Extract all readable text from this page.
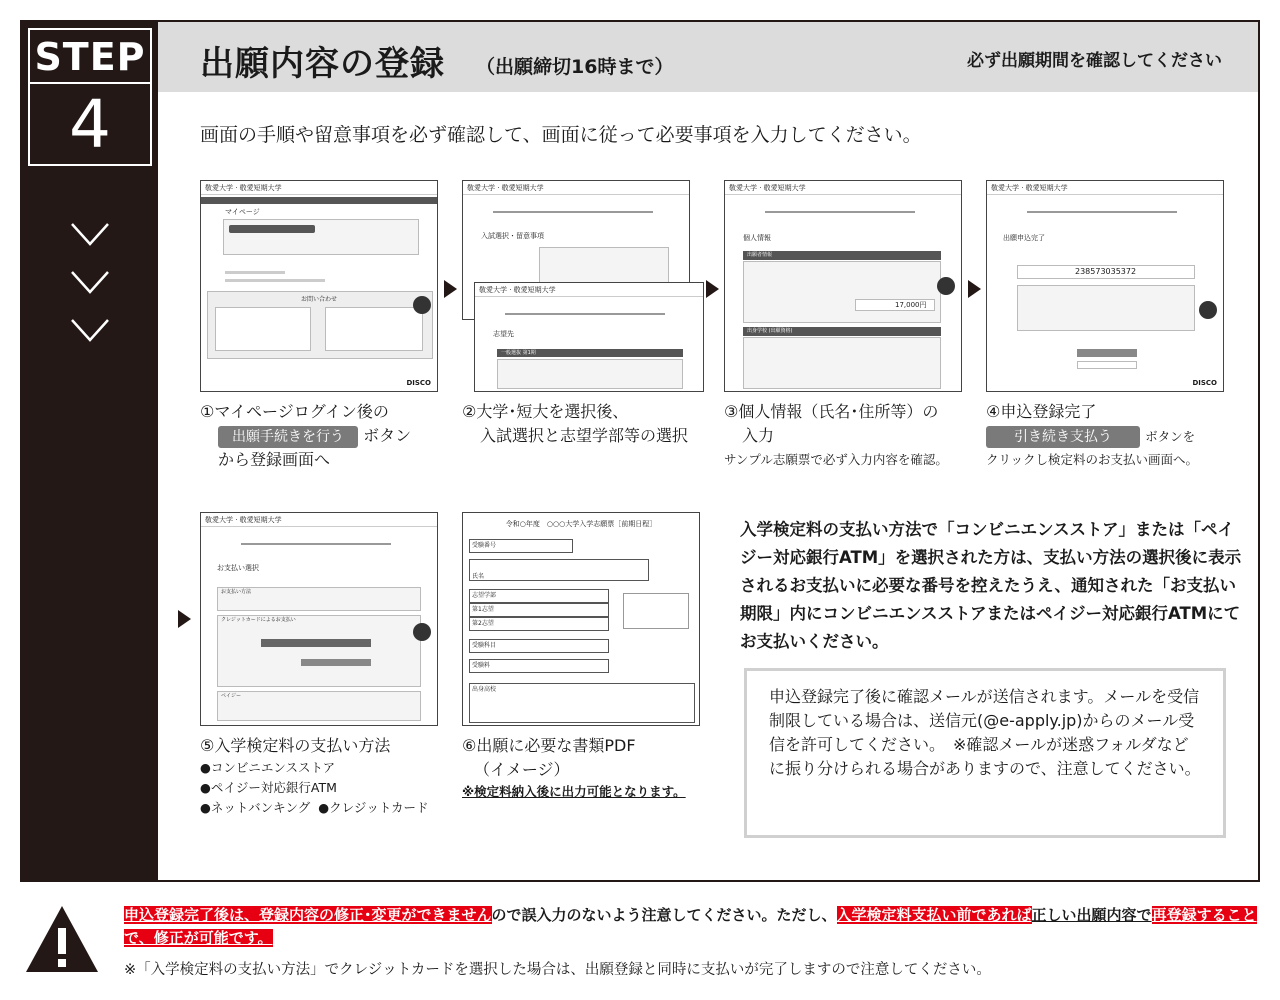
STEP
4
出願内容の登録 （出願締切16時まで）	必ず出願期間を確認してください
画面の手順や留意事項を必ず確認して、画面に従って必要事項を入力してください。
敬愛大学 · 敬愛短期大学
マイページ
お問い合わせ
DISCO
敬愛大学 · 敬愛短期大学
入試選択・留意事項
敬愛大学 · 敬愛短期大学
志望先
一般選抜 第1期
敬愛大学 · 敬愛短期大学
個人情報
出願者情報
17,000円
出身学校 (出願資格)
敬愛大学 · 敬愛短期大学
出願申込完了
238573035372
DISCO
①マイページログイン後の
出願手続きを行う ボタン
から登録画面へ
②大学･短大を選択後、
入試選択と志望学部等の選択
③個人情報（氏名･住所等）の
入力
サンプル志願票で必ず入力内容を確認。
④申込登録完了
引き続き支払う	ボタンを
クリックし検定料のお支払い画面へ。
敬愛大学 · 敬愛短期大学
お支払い選択
お支払い方法
クレジットカードによるお支払い
ペイジー
令和○年度　○○○大学入学志願票［前期日程］
受験番号
氏名
志望学部
第1志望
第2志望
受験科目
受験料
出身高校
⑤入学検定料の支払い方法
●コンビニエンスストア
●ペイジー対応銀行ATM
●ネットバンキング ●クレジットカード
⑥出願に必要な書類PDF
（イメージ）
※検定料納入後に出力可能となります。
入学検定料の支払い方法で「コンビニエンスストア」または「ペイジー対応銀行ATM」を選択された方は、支払い方法の選択後に表示されるお支払いに必要な番号を控えたうえ、通知された「お支払い期限」内にコンビニエンスストアまたはペイジー対応銀行ATMにてお支払いください。
申込登録完了後に確認メールが送信されます。メールを受信制限している場合は、送信元(@e-apply.jp)からのメール受信を許可してください。　※確認メールが迷惑フォルダなどに振り分けられる場合がありますので、注意してください。
申込登録完了後は、登録内容の修正･変更ができませんので誤入力のないよう注意してください。ただし、入学検定料支払い前であれば正しい出願内容で再登録することで、修正が可能です。
※「入学検定料の支払い方法」でクレジットカードを選択した場合は、出願登録と同時に支払いが完了しますので注意してください。
